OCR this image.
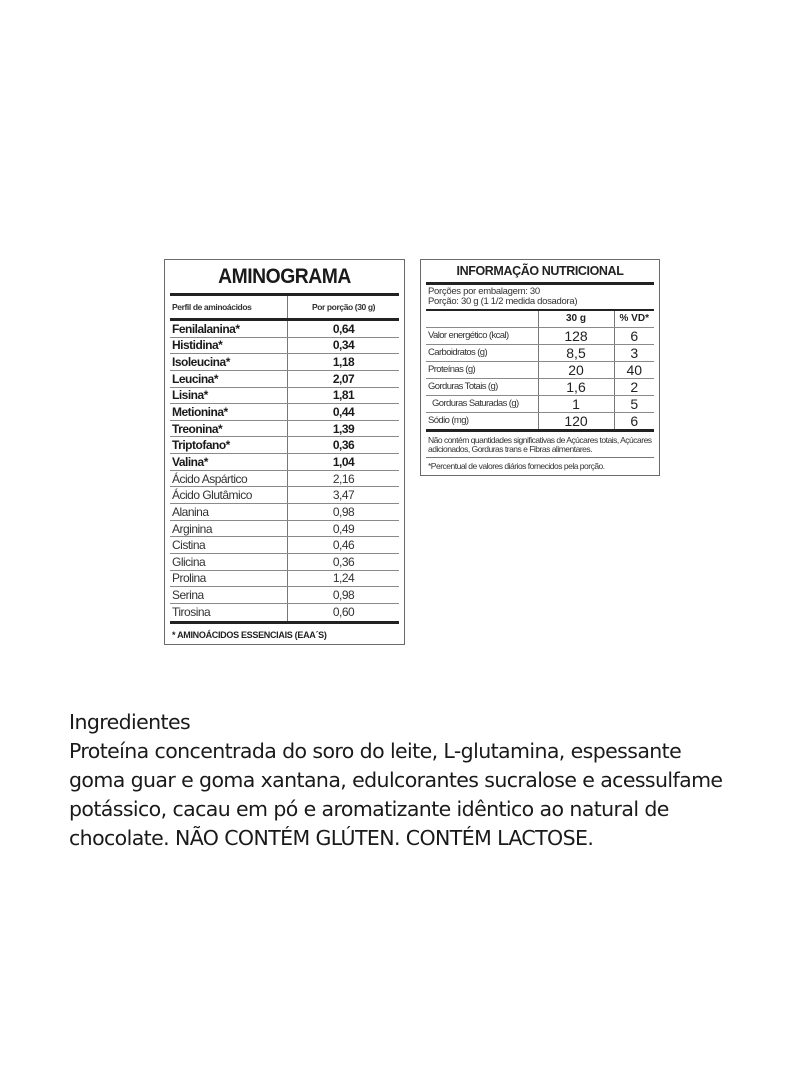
AMINOGRAMA
Perfil de aminoácidos	Por porção (30 g)
Fenilalanina*	0,64
Histidina*	0,34
Isoleucina*	1,18
Leucina*	2,07
Lisina*	1,81
Metionina*	0,44
Treonina*	1,39
Triptofano*	0,36
Valina*	1,04
Ácido Aspártico	2,16
Ácido Glutâmico	3,47
Alanina	0,98
Arginina	0,49
Cistina	0,46
Glicina	0,36
Prolina	1,24
Serina	0,98
Tirosina	0,60
* AMINOÁCIDOS ESSENCIAIS (EAA´S)
INFORMAÇÃO NUTRICIONAL
Porções por embalagem: 30
Porção: 30 g (1 1/2 medida dosadora)
	30 g	% VD*
Valor energético (kcal)	128	6
Carboidratos (g)	8,5	3
Proteínas (g)	20	40
Gorduras Totais (g)	1,6	2
Gorduras Saturadas (g)	1	5
Sódio (mg)	120	6
Não contém quantidades significativas de Açúcares totais, Açúcares adicionados, Gorduras trans e Fibras alimentares.
*Percentual de valores diários fornecidos pela porção.
Ingredientes
Proteína concentrada do soro do leite, L-glutamina, espessante
goma guar e goma xantana, edulcorantes sucralose e acessulfame
potássico, cacau em pó e aromatizante idêntico ao natural de
chocolate. NÃO CONTÉM GLÚTEN. CONTÉM LACTOSE.
